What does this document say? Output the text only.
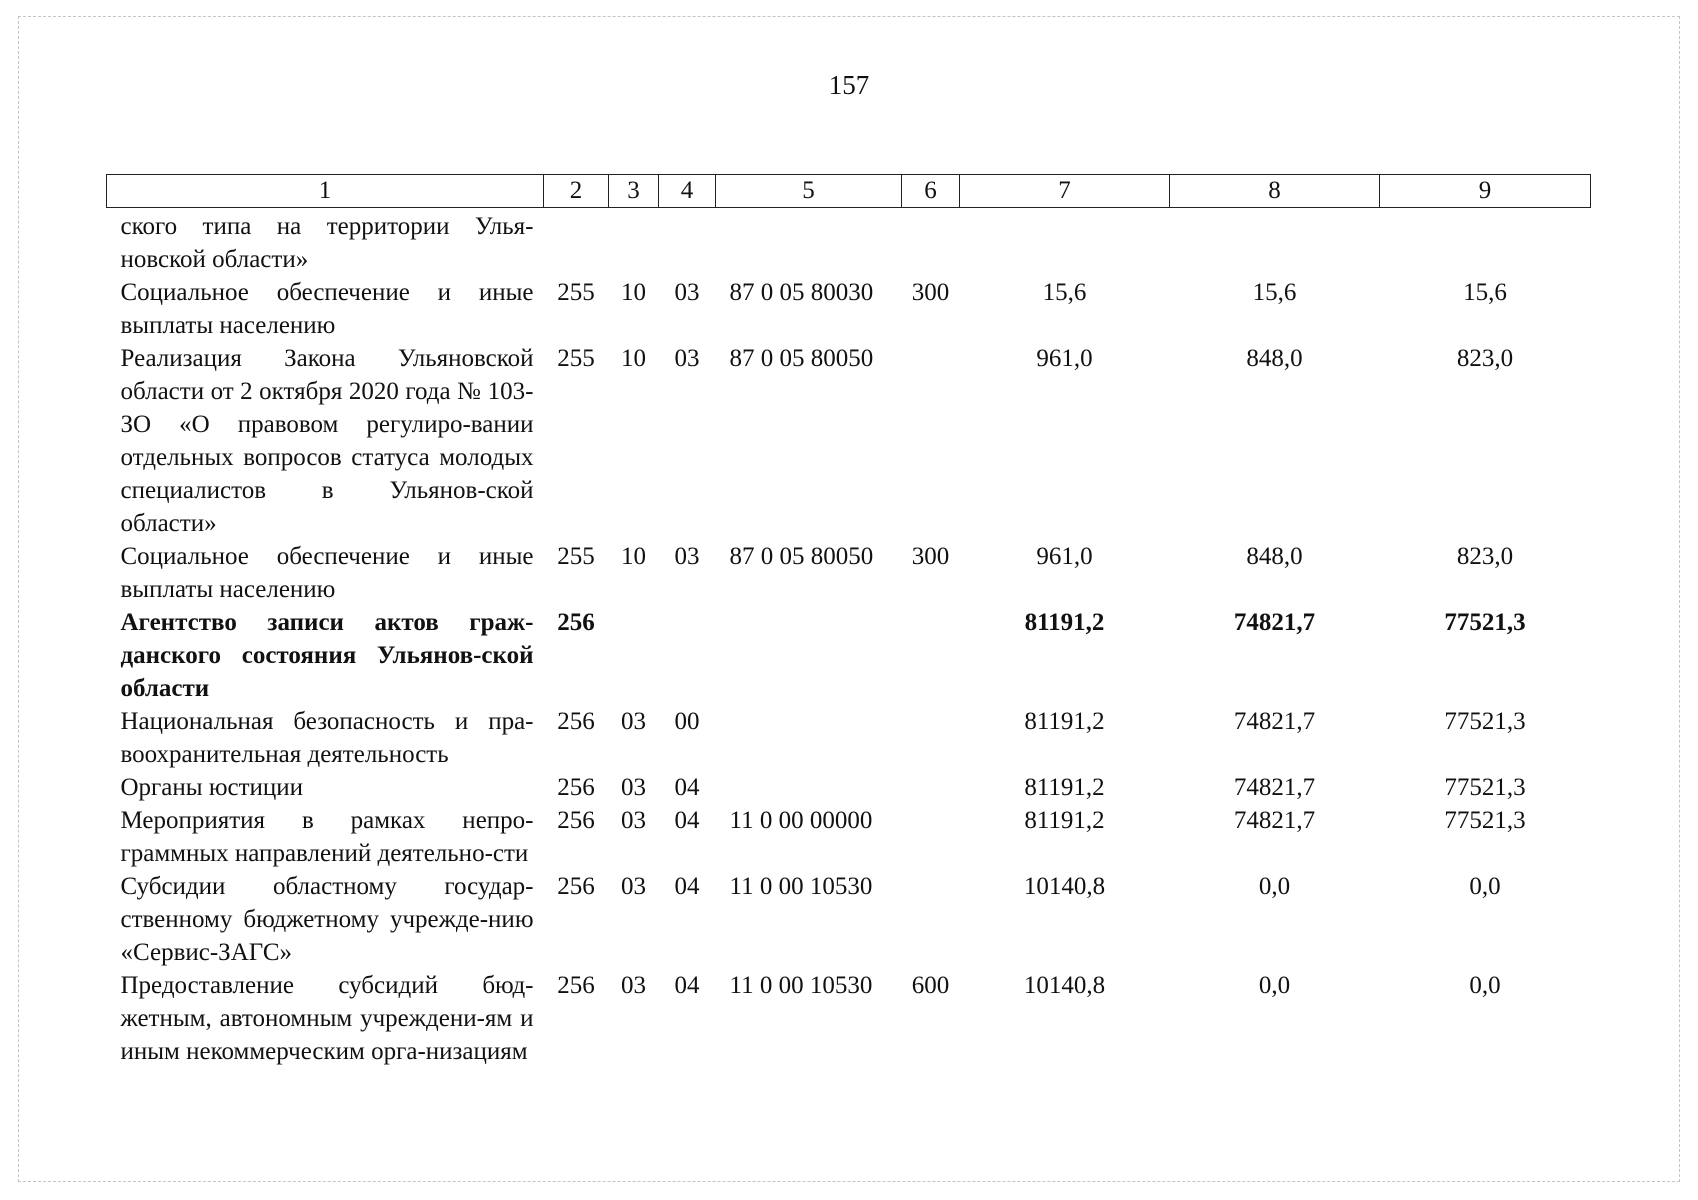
157
1	2	3	4	5	6	7	8	9
ского типа на территории Улья-новской области»								
Социальное обеспечение и иные выплаты населению	255	10	03	87 0 05 80030	300	15,6	15,6	15,6
Реализация Закона Ульяновской области от 2 октября 2020 года № 103-ЗО «О правовом регулиро-вании отдельных вопросов статуса молодых специалистов в Ульянов-ской области»	255	10	03	87 0 05 80050		961,0	848,0	823,0
Социальное обеспечение и иные выплаты населению	255	10	03	87 0 05 80050	300	961,0	848,0	823,0
Агентство записи актов граж-данского состояния Ульянов-ской области	256					81191,2	74821,7	77521,3
Национальная безопасность и пра-воохранительная деятельность	256	03	00			81191,2	74821,7	77521,3
Органы юстиции	256	03	04			81191,2	74821,7	77521,3
Мероприятия в рамках непро-граммных направлений деятельно-сти	256	03	04	11 0 00 00000		81191,2	74821,7	77521,3
Субсидии областному государ-ственному бюджетному учрежде-нию «Сервис-ЗАГС»	256	03	04	11 0 00 10530		10140,8	0,0	0,0
Предоставление субсидий бюд-жетным, автономным учреждени-ям и иным некоммерческим орга-низациям	256	03	04	11 0 00 10530	600	10140,8	0,0	0,0
